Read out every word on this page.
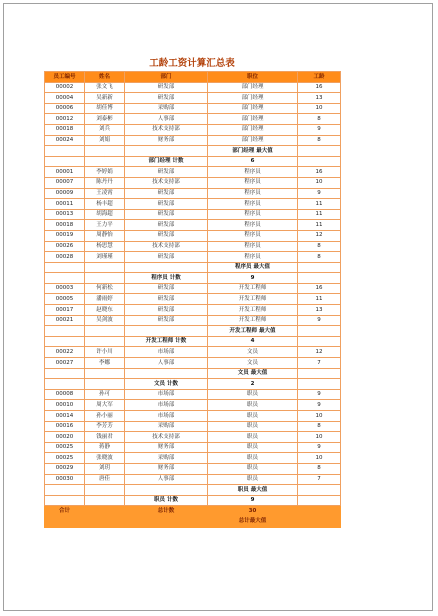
工龄工资计算汇总表
员工编号	姓名	部门	职位	工龄
00002	张文飞	研发部	部门经理	16
00004	吴新新	研发部	部门经理	13
00006	胡佳博	采购部	部门经理	10
00012	刘泰彬	人事部	部门经理	8
00018	刘兵	技术支持部	部门经理	9
00024	刘娟	财务部	部门经理	8
			部门经理 最大值	
		部门经理 计数	6	
00001	李婷娟	研发部	程序员	16
00007	陈丹丹	技术支持部	程序员	10
00009	王凌霄	研发部	程序员	9
00011	杨丰超	研发部	程序员	11
00013	胡海超	研发部	程序员	11
00018	王力平	研发部	程序员	11
00019	周静怡	研发部	程序员	12
00026	杨思慧	技术支持部	程序员	8
00028	刘瑾瑾	研发部	程序员	8
			程序员 最大值	
		程序员 计数	9	
00003	何新松	研发部	开发工程师	16
00005	潘雨婷	研发部	开发工程师	11
00017	赵晓东	研发部	开发工程师	13
00021	吴剑波	研发部	开发工程师	9
			开发工程师 最大值	
		开发工程师 计数	4	
00022	许小川	市场部	文员	12
00027	李娜	人事部	文员	7
			文员 最大值	
		文员 计数	2	
00008	孙可	市场部	职员	9
00010	周大军	市场部	职员	9
00014	孙小丽	市场部	职员	10
00016	李芳芳	采购部	职员	8
00020	钱丽君	技术支持部	职员	10
00025	蒋静	财务部	职员	9
00025	张晓波	采购部	职员	10
00029	刘玥	财务部	职员	8
00030	唐佳	人事部	职员	7
			职员 最大值	
		职员 计数	9	
合计		总计数	30	
			总计最大值	
